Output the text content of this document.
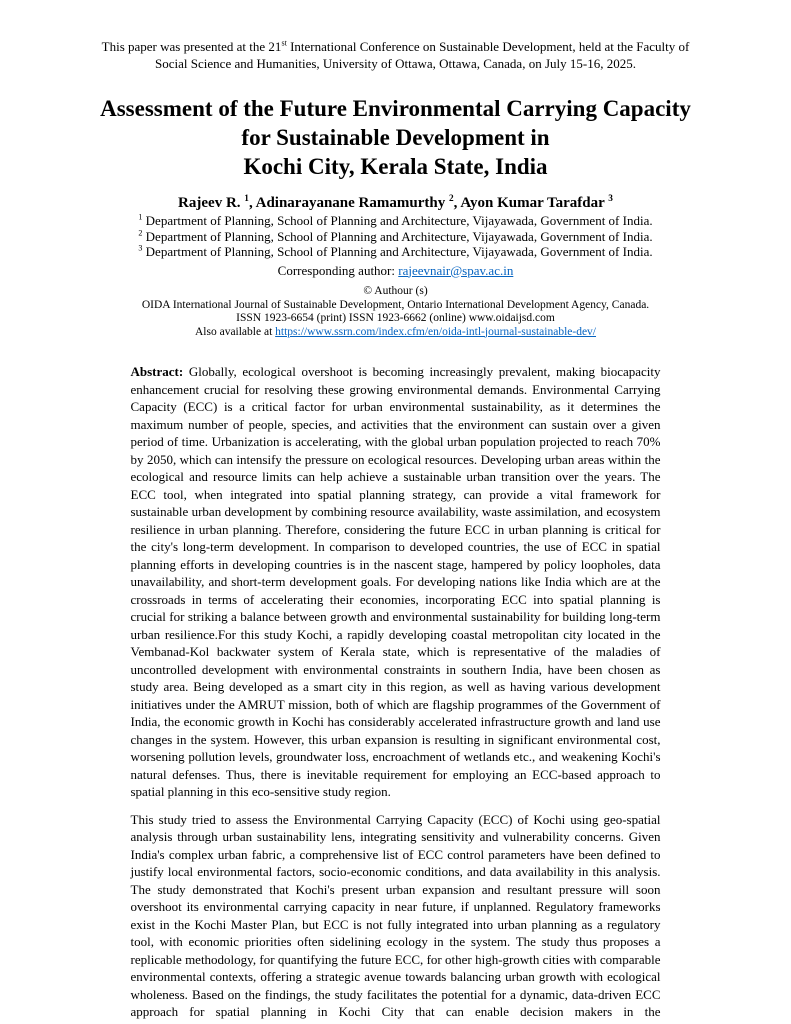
This paper was presented at the 21st International Conference on Sustainable Development, held at the Faculty of Social Science and Humanities, University of Ottawa, Ottawa, Canada, on July 15-16, 2025.

Assessment of the Future Environmental Carrying Capacity
for Sustainable Development in
Kochi City, Kerala State, India

Rajeev R. $^1$, Adinarayanane Ramamurthy $^2$, Ayon Kumar Tarafdar $^3$

$^1$ Department of Planning, School of Planning and Architecture, Vijayawada, Government of India.

$^2$ Department of Planning, School of Planning and Architecture, Vijayawada, Government of India.

$^3$ Department of Planning, School of Planning and Architecture, Vijayawada, Government of India.

Corresponding author: rajeevnair@spav.ac.in

© Authour (s)

OIDA International Journal of Sustainable Development, Ontario International Development Agency, Canada.

ISSN 1923-6654 (print) ISSN 1923-6662 (online) www.oidaijsd.com

Also available at https://www.ssrn.com/index.cfm/en/oida-intl-journal-sustainable-dev/

Abstract: Globally, ecological overshoot is becoming increasingly prevalent, making biocapacity enhancement crucial for resolving these growing environmental demands. Environmental Carrying Capacity (ECC) is a critical factor for urban environmental sustainability, as it determines the maximum number of people, species, and activities that the environment can sustain over a given period of time. Urbanization is accelerating, with the global urban population projected to reach 70% by 2050, which can intensify the pressure on ecological resources. Developing urban areas within the ecological and resource limits can help achieve a sustainable urban transition over the years. The ECC tool, when integrated into spatial planning strategy, can provide a vital framework for sustainable urban development by combining resource availability, waste assimilation, and ecosystem resilience in urban planning. Therefore, considering the future ECC in urban planning is critical for the city's long-term development. In comparison to developed countries, the use of ECC in spatial planning efforts in developing countries is in the nascent stage, hampered by policy loopholes, data unavailability, and short-term development goals. For developing nations like India which are at the crossroads in terms of accelerating their economies, incorporating ECC into spatial planning is crucial for striking a balance between growth and environmental sustainability for building long-term urban resilience.For this study Kochi, a rapidly developing coastal metropolitan city located in the Vembanad-Kol backwater system of Kerala state, which is representative of the maladies of uncontrolled development with environmental constraints in southern India, have been chosen as study area. Being developed as a smart city in this region, as well as having various development initiatives under the AMRUT mission, both of which are flagship programmes of the Government of India, the economic growth in Kochi has considerably accelerated infrastructure growth and land use changes in the system. However, this urban expansion is resulting in significant environmental cost, worsening pollution levels, groundwater loss, encroachment of wetlands etc., and weakening Kochi's natural defenses. Thus, there is inevitable requirement for employing an ECC-based approach to spatial planning in this eco-sensitive study region.

This study tried to assess the Environmental Carrying Capacity (ECC) of Kochi using geo-spatial analysis through urban sustainability lens, integrating sensitivity and vulnerability concerns. Given India's complex urban fabric, a comprehensive list of ECC control parameters have been defined to justify local environmental factors, socio-economic conditions, and data availability in this analysis. The study demonstrated that Kochi's present urban expansion and resultant pressure will soon overshoot its environmental carrying capacity in near future, if unplanned. Regulatory frameworks exist in the Kochi Master Plan, but ECC is not fully integrated into urban planning as a regulatory tool, with economic priorities often sidelining ecology in the system. The study thus proposes a replicable methodology, for quantifying the future ECC, for other high-growth cities with comparable environmental contexts, offering a strategic avenue towards balancing urban growth with ecological wholeness. Based on the findings, the study facilitates the potential for a dynamic, data-driven ECC approach for spatial planning in Kochi City that can enable decision makers in the
